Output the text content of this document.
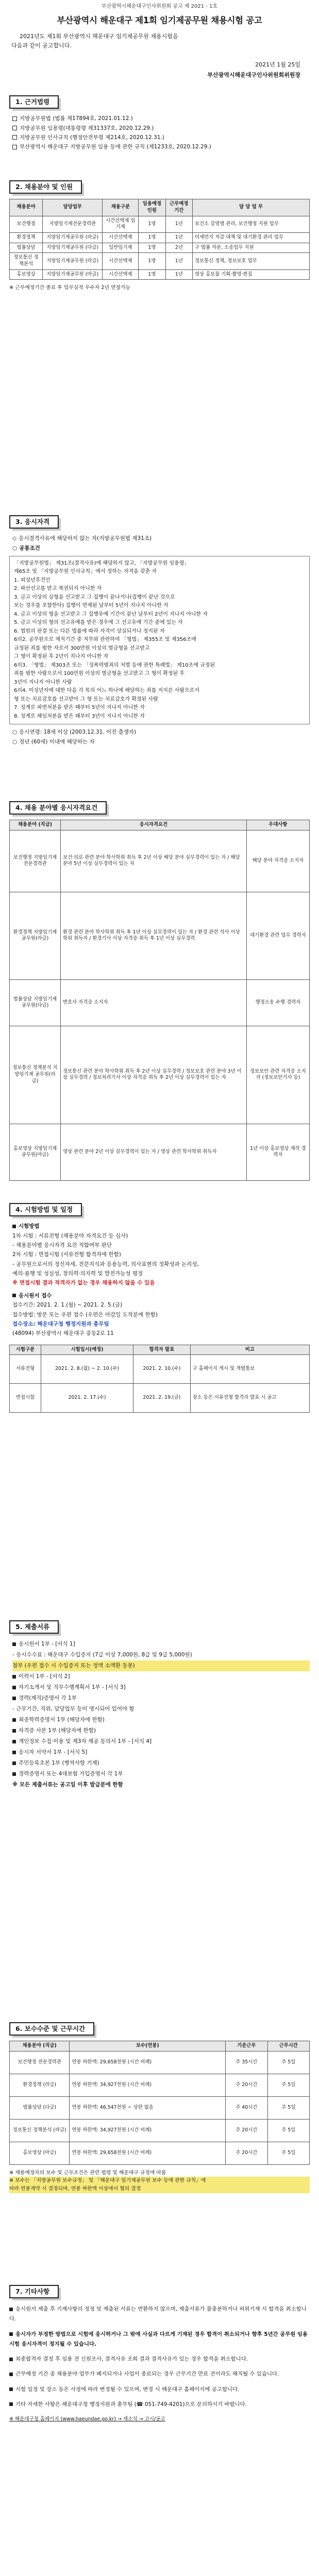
부산광역시해운대구인사위원회 공고 제 2021 - 1호
부산광역시 해운대구 제1회 임기제공무원 채용시험 공고
2021년도 제1회 부산광역시 해운대구 임기제공무원 채용시험을
다음과 같이 공고합니다.
2021년 1월 25일
부산광역시해운대구인사위원회위원장
1. 근거법령
지방공무원법 (법률 제17894호, 2021.01.12.)
지방공무원 임용령(대통령령 제31337호, 2020.12.29.)
지방공무원 인사규칙 (행정안전부령 제214호, 2020.12.31.)
부산광역시 해운대구 지방공무원 임용 등에 관한 규칙 (제1233호, 2020.12.29.)
2. 채용분야 및 인원
채용분야	담당업무	채용구분	임용예정 인원	근무예정 기간	담 당 업 무
보건행정	지방임기제전문경력관	시간선택제 임기제	1명	1년	보건소 감염병 관리, 보건행정 지원 업무
환경정책	지방임기제공무원 (라급)	시간선택제	1명	1년	미세먼지 저감 대책 및 대기환경 관리 업무
법률상담	지방임기제공무원 (다급)	일반임기제	1명	2년	구 법률 자문, 소송업무 지원
정보통신 정책분석	지방임기제공무원 (라급)	시간선택제	1명	1년	정보통신 정책, 정보보호 업무
홍보영상	지방임기제공무원 (마급)	시간선택제	1명	1년	영상 홍보물 기획·촬영·편집
※ 근무예정기간 종료 후 업무실적 우수자 2년 연장가능
3. 응시자격
◇ 응시결격사유에 해당하지 않는 자(지방공무원법 제31조)
○ 공통조건
「지방공무원법」 제31조(결격사유)에 해당하지 않고, 「지방공무원 임용령」
제65조 및 「지방공무원 인사규칙」에서 정하는 자격을 갖춘 자
1. 피성년후견인
2. 파산선고를 받고 복권되지 아니한 자
3. 금고 이상의 실형을 선고받고 그 집행이 끝나거나(집행이 끝난 것으로
보는 경우를 포함한다) 집행이 면제된 날부터 5년이 지나지 아니한 자
4. 금고 이상의 형을 선고받고 그 집행유예 기간이 끝난 날부터 2년이 지나지 아니한 자
5. 금고 이상의 형의 선고유예를 받은 경우에 그 선고유예 기간 중에 있는 자
6. 법원의 판결 또는 다른 법률에 따라 자격이 상실되거나 정지된 자
6의2. 공무원으로 재직기간 중 직무와 관련하여 「형법」 제355조 및 제356조에
규정된 죄를 범한 자로서 300만원 이상의 벌금형을 선고받고
그 형이 확정된 후 2년이 지나지 아니한 자
6의3. 「형법」 제303조 또는 「성폭력범죄의 처벌 등에 관한 특례법」 제10조에 규정된
죄를 범한 사람으로서 100만원 이상의 벌금형을 선고받고 그 형이 확정된 후
3년이 지나지 아니한 사람
6의4. 미성년자에 대한 다음 각 목의 어느 하나에 해당하는 죄를 저지른 사람으로서
형 또는 치료감호를 선고받아 그 형 또는 치료감호가 확정된 사람
7. 징계로 파면처분을 받은 때부터 5년이 지나지 아니한 자
8. 징계로 해임처분을 받은 때부터 3년이 지나지 아니한 자
○ 응시연령: 18세 이상 (2003.12.31. 이전 출생자)
○ 정년 (60세) 이내에 해당하는 자
4. 채용 분야별 응시자격요건
채용분야 (직급)	응시자격요건	우대사항
보건행정 지방임기제 전문경력관	보건·의료 관련 분야 학사학위 취득 후 2년 이상 해당 분야 실무경력이 있는 자 / 해당 분야 5년 이상 실무경력이 있는 자	해당 분야 자격증 소지자
환경정책 지방임기제 공무원(라급)	환경 관련 분야 학사학위 취득 후 1년 이상 실무경력이 있는 자 / 환경 관련 석사 이상 학위 취득자 / 환경기사 이상 자격증 취득 후 1년 이상 실무경력	대기환경 관련 업무 경력자
법률상담 지방임기제 공무원(다급)	변호사 자격증 소지자	행정소송 수행 경력자
정보통신 정책분석 지방임기제 공무원(라급)	정보통신 관련 분야 학사학위 취득 후 2년 이상 실무경력 / 정보보호 관련 분야 3년 이상 실무경력 / 정보처리기사 이상 자격증 취득 후 2년 이상 실무경력이 있는 자	정보보안 관련 자격증 소지자 (정보보안기사 등)
홍보영상 지방임기제 공무원(마급)	영상 관련 분야 2년 이상 실무경력이 있는 자 / 영상 관련 학사학위 취득자	1년 이상 홍보영상 제작 경력자
4. 시험방법 및 일정
시험방법
1차 시험 : 서류전형 (채용분야 자격요건 등 심사)
- 채용분야별 응시자격 요건 적합여부 판단
2차 시험 : 면접시험 (서류전형 합격자에 한함)
- 공무원으로서의 정신자세, 전문지식과 응용능력, 의사표현의 정확성과 논리성,
예의·품행 및 성실성, 창의력·의지력 및 발전가능성 평정
※ 면접시험 결과 적격자가 없는 경우 채용하지 않을 수 있음
응시원서 접수
접수기간: 2021. 2. 1.(월) ~ 2021. 2. 5.(금)
접수방법: 방문 또는 우편 접수 (우편은 마감일 도착분에 한함)
접수장소: 해운대구청 행정지원과 총무팀
(48094) 부산광역시 해운대구 중동2로 11
시험구분	시험일시(예정)	합격자 발표	비고
서류전형	2021. 2. 8.(월) ~ 2. 10.(수)	2021. 2. 10.(수)	구 홈페이지 게시 및 개별통보
면접시험	2021. 2. 17.(수)	2021. 2. 19.(금)	장소 등은 서류전형 합격자 발표 시 공고
5. 제출서류
응시원서 1부 - [서식 1]
- 응시수수료 : 해운대구 수입증지 (7급 이상 7,000원, 8급 및 9급 5,000원)
첨부 (우편 접수 시 수입증지 또는 정액 소액환 동봉)
이력서 1부 - [서식 2]
자기소개서 및 직무수행계획서 1부 - [서식 3]
경력(재직)증명서 각 1부
- 근무기간, 직위, 담당업무 등이 명시되어 있어야 함
최종학력증명서 1부 (해당자에 한함)
자격증 사본 1부 (해당자에 한함)
개인정보 수집·이용 및 제3자 제공 동의서 1부 - [서식 4]
응시자 서약서 1부 - [서식 5]
주민등록초본 1부 (병역사항 기재)
경력증명서 또는 4대보험 가입증명서 각 1부
※ 모든 제출서류는 공고일 이후 발급분에 한함
6. 보수수준 및 근무시간
채용분야 (직급)	보수(연봉)	기준근무	근무시간
보건행정 전문경력관	연봉 하한액: 29,658천원 (시간 비례)	주 35시간	주 5일
환경정책 (라급)	연봉 하한액: 34,927천원 (시간 비례)	주 20시간	주 5일
법률상담 (다급)	연봉 하한액: 46,547천원 ~ 상한 없음	주 40시간	주 5일
정보통신 정책분석 (라급)	연봉 하한액: 34,927천원 (시간 비례)	주 20시간	주 5일
홍보영상 (마급)	연봉 하한액: 29,658천원 (시간 비례)	주 20시간	주 5일
※ 채용예정자의 보수 및 근무조건은 관련 법령 및 해운대구 규정에 따름
※ 보수는 「지방공무원 보수규정」 및 「해운대구 임기제공무원 보수 등에 관한 규칙」에
따라 연봉계약 시 결정되며, 연봉 하한액 이상에서 협의 결정
7. 기타사항
응시원서 제출 후 기재사항의 정정 및 제출된 서류는 반환하지 않으며, 제출서류가 불충분하거나 허위기재 시 합격을 취소합니다.
응시자가 부정한 방법으로 시험에 응시하거나 그 밖에 사실과 다르게 기재된 경우 합격이 취소되거나 향후 5년간 공무원 임용시험 응시자격이 정지될 수 있습니다.
최종합격자 결정 후 임용 전 신원조사, 결격사유 조회 결과 결격사유가 있는 경우 합격을 취소합니다.
근무예정 기간 중 채용분야 업무가 폐지되거나 사업이 종료되는 경우 근무기간 만료 전이라도 해직될 수 있습니다.
시험 일정 및 장소 등은 사정에 따라 변경될 수 있으며, 변경 시 해운대구 홈페이지에 공고합니다.
기타 자세한 사항은 해운대구청 행정지원과 총무팀 (☎ 051-749-4201)으로 문의하시기 바랍니다.
※ 해운대구청 홈페이지 (www.haeundae.go.kr) → 새소식 → 고시/공고
